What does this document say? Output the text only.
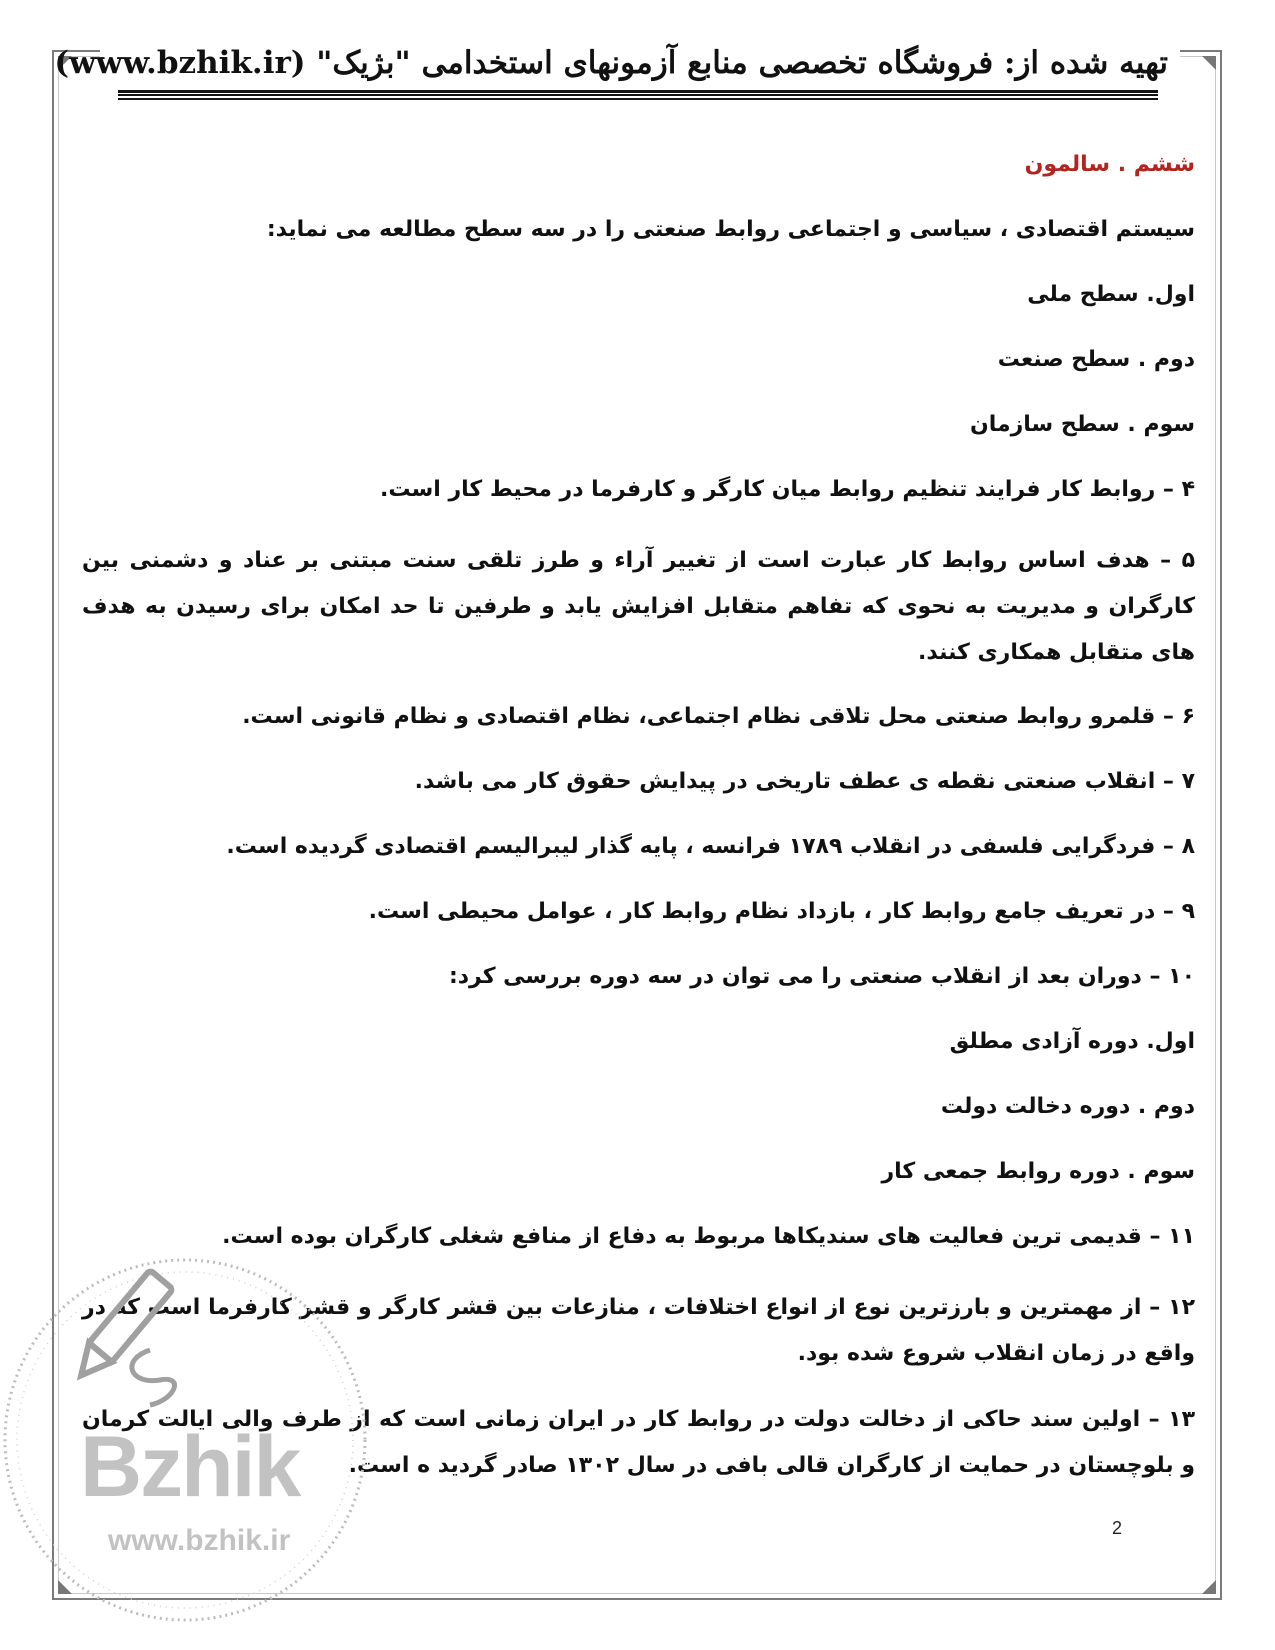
تهیه شده از: فروشگاه تخصصی منابع آزمونهای استخدامی "بژیک" (www.bzhik.ir)

ششم . سالمون

سیستم اقتصادی ، سیاسی و اجتماعی روابط صنعتی را در سه سطح مطالعه می نماید:

اول. سطح ملی

دوم . سطح صنعت

سوم . سطح سازمان

۴ – روابط کار فرایند تنظیم روابط میان کارگر و کارفرما در محیط کار است.

۵ – هدف اساس روابط کار عبارت است از تغییر آراء و طرز تلقی سنت مبتنی بر عناد و دشمنی بین کارگران و مدیریت به نحوی که تفاهم متقابل افزایش یابد و طرفین تا حد امکان برای رسیدن به هدف های متقابل همکاری کنند.

۶ – قلمرو روابط صنعتی محل تلاقی نظام اجتماعی، نظام اقتصادی و نظام قانونی است.

۷ – انقلاب صنعتی نقطه ی عطف تاریخی در پیدایش حقوق کار می باشد.

۸ – فردگرایی فلسفی در انقلاب ۱۷۸۹ فرانسه ، پایه گذار لیبرالیسم اقتصادی گردیده است.

۹ – در تعریف جامع روابط کار ، بازداد نظام روابط کار ، عوامل محیطی است.

۱۰ – دوران بعد از انقلاب صنعتی را می توان در سه دوره بررسی کرد:

اول. دوره آزادی مطلق

دوم . دوره دخالت دولت

سوم . دوره روابط جمعی کار

۱۱ – قدیمی ترین فعالیت های سندیکاها مربوط به دفاع از منافع شغلی کارگران بوده است.

۱۲ – از مهمترین و بارزترین نوع از انواع اختلافات ، منازعات بین قشر کارگر و قشر کارفرما است که در واقع در زمان انقلاب شروع شده بود.

۱۳ – اولین سند حاکی از دخالت دولت در روابط کار در ایران زمانی است که از طرف والی ایالت کرمان و بلوچستان در حمایت از کارگران قالی بافی در سال ۱۳۰۲ صادر گردید ه است.

Bzhik
www.bzhik.ir	2
